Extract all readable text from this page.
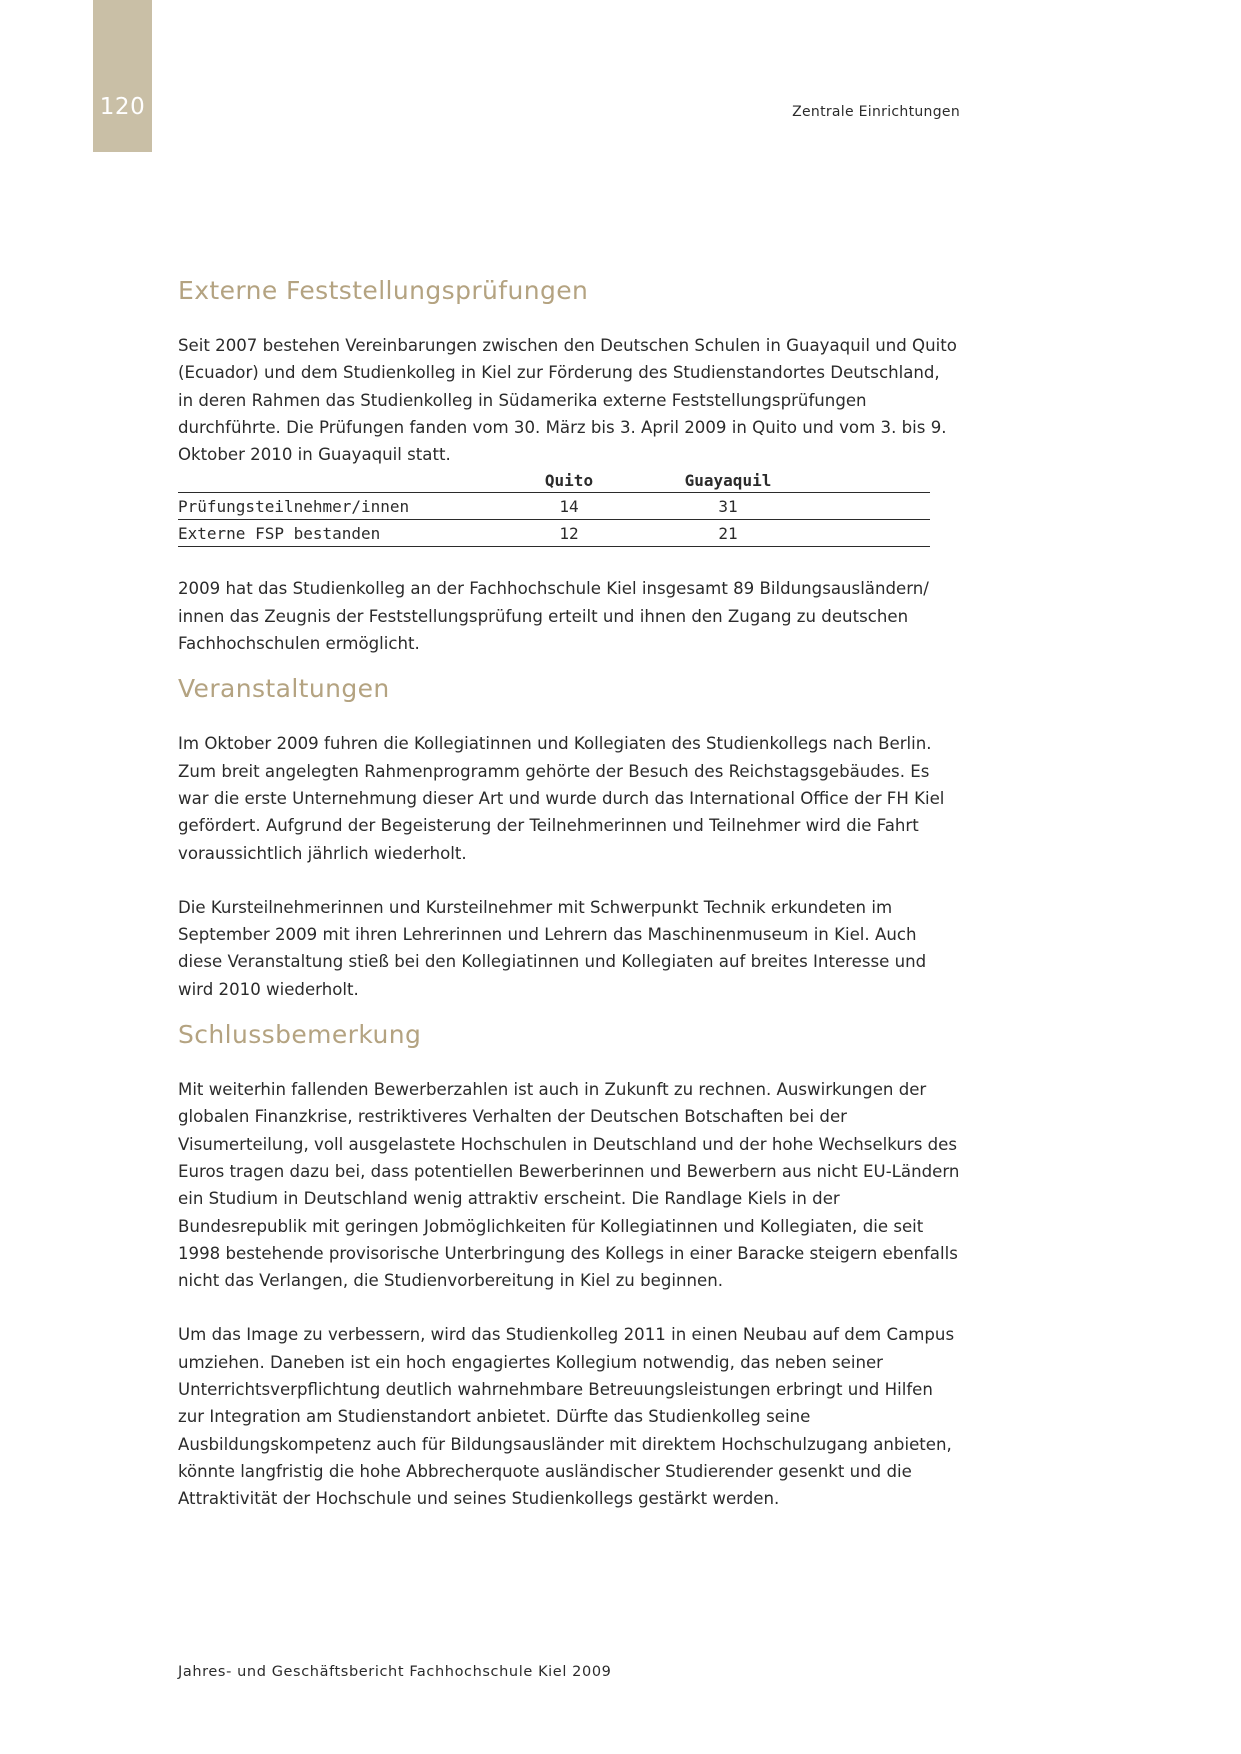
120	Zentrale Einrichtungen
Externe Feststellungsprüfungen

Seit 2007 bestehen Vereinbarungen zwischen den Deutschen Schulen in Guayaquil und Quito (Ecuador) und dem Studienkolleg in Kiel zur Förderung des Studienstandortes Deutschland, in deren Rahmen das Studienkolleg in Südamerika externe Feststellungsprüfungen durchführte. Die Prüfungen fanden vom 30. März bis 3. April 2009 in Quito und vom 3. bis 9. Oktober 2010 in Guayaquil statt.

Quito	Guayaquil
Prüfungsteilnehmer/innen	14	31
Externe FSP bestanden	12	21

2009 hat das Studienkolleg an der Fachhochschule Kiel insgesamt 89 Bildungsausländern/ innen das Zeugnis der Feststellungsprüfung erteilt und ihnen den Zugang zu deutschen Fachhochschulen ermöglicht.

Veranstaltungen

Im Oktober 2009 fuhren die Kollegiatinnen und Kollegiaten des Studienkollegs nach Berlin. Zum breit angelegten Rahmenprogramm gehörte der Besuch des Reichstagsgebäudes. Es war die erste Unternehmung dieser Art und wurde durch das International Office der FH Kiel gefördert. Aufgrund der Begeisterung der Teilnehmerinnen und Teilnehmer wird die Fahrt voraussichtlich jährlich wiederholt.

Die Kursteilnehmerinnen und Kursteilnehmer mit Schwerpunkt Technik erkundeten im September 2009 mit ihren Lehrerinnen und Lehrern das Maschinenmuseum in Kiel. Auch diese Veranstaltung stieß bei den Kollegiatinnen und Kollegiaten auf breites Interesse und wird 2010 wiederholt.

Schlussbemerkung

Mit weiterhin fallenden Bewerberzahlen ist auch in Zukunft zu rechnen. Auswirkungen der globalen Finanzkrise, restriktiveres Verhalten der Deutschen Botschaften bei der Visumerteilung, voll ausgelastete Hochschulen in Deutschland und der hohe Wechselkurs des Euros tragen dazu bei, dass potentiellen Bewerberinnen und Bewerbern aus nicht EU-Ländern ein Studium in Deutschland wenig attraktiv erscheint. Die Randlage Kiels in der Bundesrepublik mit geringen Jobmöglichkeiten für Kollegiatinnen und Kollegiaten, die seit 1998 bestehende provisorische Unterbringung des Kollegs in einer Baracke steigern ebenfalls nicht das Verlangen, die Studienvorbereitung in Kiel zu beginnen.

Um das Image zu verbessern, wird das Studienkolleg 2011 in einen Neubau auf dem Campus umziehen. Daneben ist ein hoch engagiertes Kollegium notwendig, das neben seiner Unterrichtsverpflichtung deutlich wahrnehmbare Betreuungsleistungen erbringt und Hilfen zur Integration am Studienstandort anbietet. Dürfte das Studienkolleg seine Ausbildungskompetenz auch für Bildungsausländer mit direktem Hochschulzugang anbieten, könnte langfristig die hohe Abbrecherquote ausländischer Studierender gesenkt und die Attraktivität der Hochschule und seines Studienkollegs gestärkt werden.

Jahres- und Geschäftsbericht Fachhochschule Kiel 2009
